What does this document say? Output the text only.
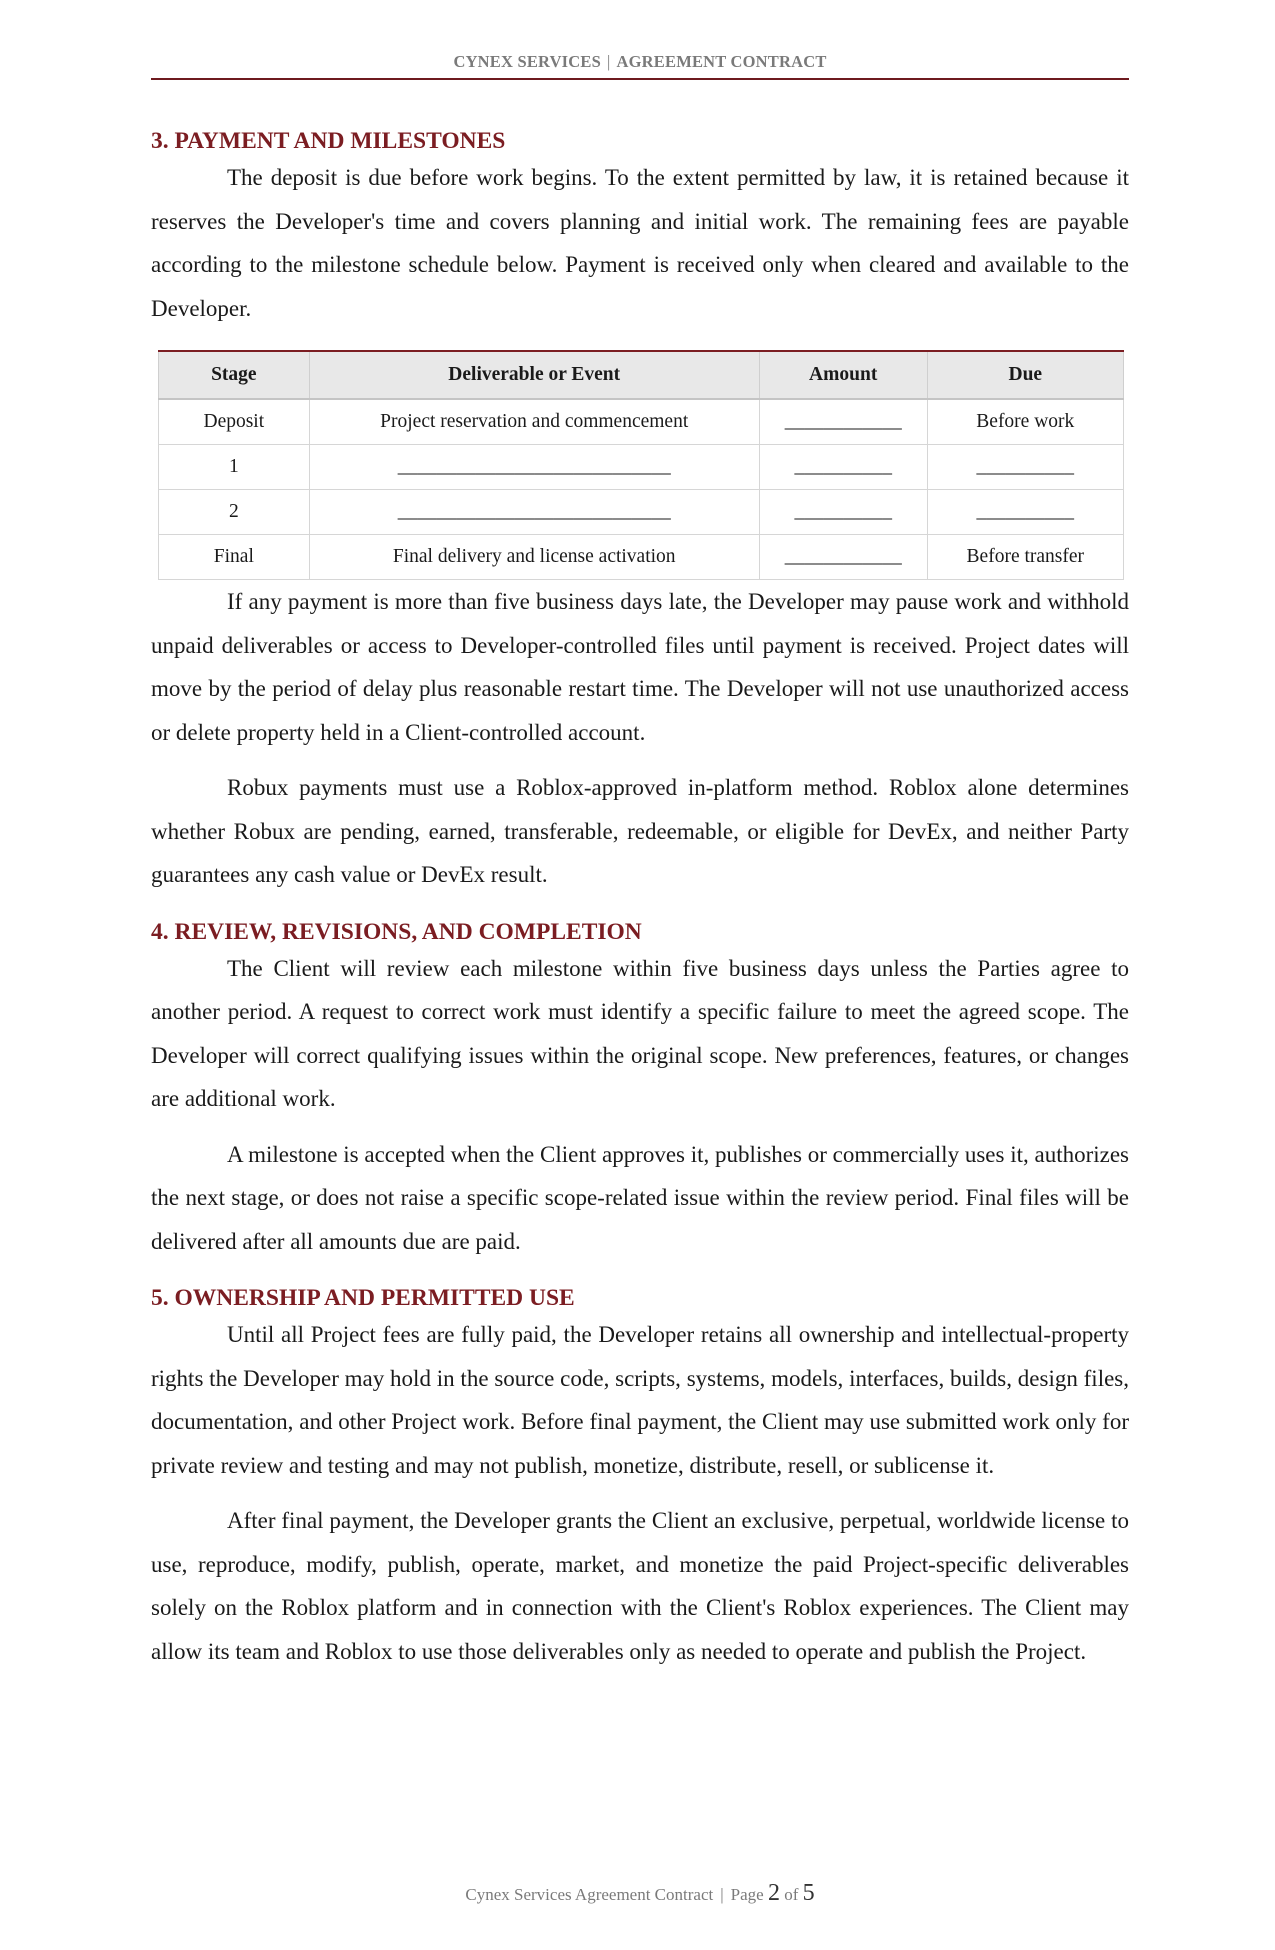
CYNEX SERVICES | AGREEMENT CONTRACT
3. PAYMENT AND MILESTONES

The deposit is due before work begins. To the extent permitted by law, it is retained because it reserves the Developer's time and covers planning and initial work. The remaining fees are payable according to the milestone schedule below. Payment is received only when cleared and available to the Developer.

Stage	Deliverable or Event	Amount	Due
Deposit	Project reservation and commencement	____________	Before work
1	____________________________	__________	__________
2	____________________________	__________	__________
Final	Final delivery and license activation	____________	Before transfer

If any payment is more than five business days late, the Developer may pause work and withhold unpaid deliverables or access to Developer-controlled files until payment is received. Project dates will move by the period of delay plus reasonable restart time. The Developer will not use unauthorized access or delete property held in a Client-controlled account.

Robux payments must use a Roblox-approved in-platform method. Roblox alone determines whether Robux are pending, earned, transferable, redeemable, or eligible for DevEx, and neither Party guarantees any cash value or DevEx result.

4. REVIEW, REVISIONS, AND COMPLETION

The Client will review each milestone within five business days unless the Parties agree to another period. A request to correct work must identify a specific failure to meet the agreed scope. The Developer will correct qualifying issues within the original scope. New preferences, features, or changes are additional work.

A milestone is accepted when the Client approves it, publishes or commercially uses it, authorizes the next stage, or does not raise a specific scope-related issue within the review period. Final files will be delivered after all amounts due are paid.

5. OWNERSHIP AND PERMITTED USE

Until all Project fees are fully paid, the Developer retains all ownership and intellectual-property rights the Developer may hold in the source code, scripts, systems, models, interfaces, builds, design files, documentation, and other Project work. Before final payment, the Client may use submitted work only for private review and testing and may not publish, monetize, distribute, resell, or sublicense it.

After final payment, the Developer grants the Client an exclusive, perpetual, worldwide license to use, reproduce, modify, publish, operate, market, and monetize the paid Project-specific deliverables solely on the Roblox platform and in connection with the Client's Roblox experiences. The Client may allow its team and Roblox to use those deliverables only as needed to operate and publish the Project.

Cynex Services Agreement Contract | Page 2 of 5
